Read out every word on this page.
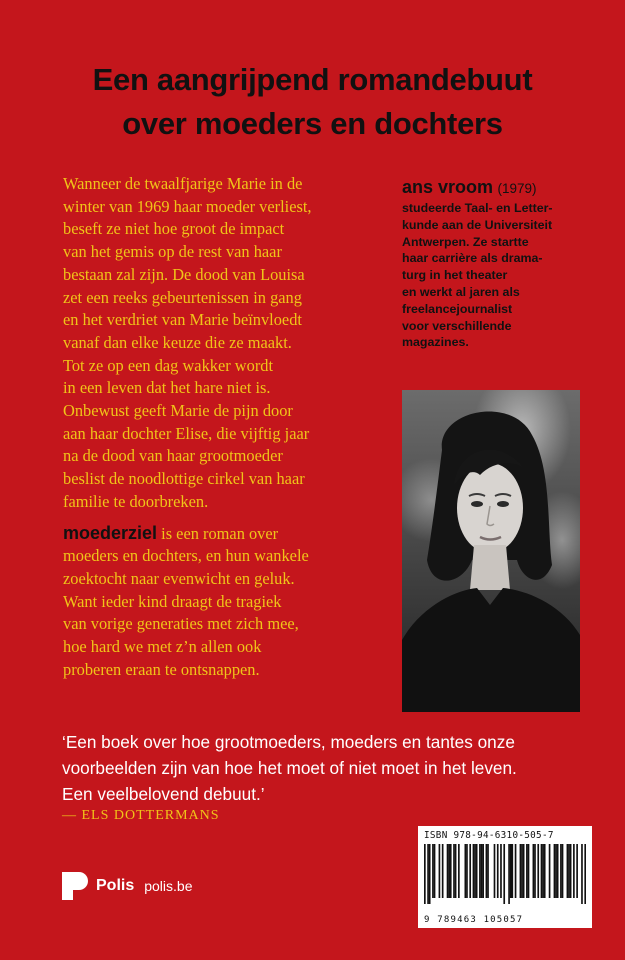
Een aangrijpend romandebuut
over moeders en dochters
Wanneer de twaalfjarige Marie in de
winter van 1969 haar moeder verliest,
beseft ze niet hoe groot de impact
van het gemis op de rest van haar
bestaan zal zijn. De dood van Louisa
zet een reeks gebeurtenissen in gang
en het verdriet van Marie beïnvloedt
vanaf dan elke keuze die ze maakt.
Tot ze op een dag wakker wordt
in een leven dat het hare niet is.
Onbewust geeft Marie de pijn door
aan haar dochter Elise, die vijftig jaar
na de dood van haar grootmoeder
beslist de noodlottige cirkel van haar
familie te doorbreken.
moederziel is een roman over
moeders en dochters, en hun wankele
zoektocht naar evenwicht en geluk.
Want ieder kind draagt de tragiek
van vorige generaties met zich mee,
hoe hard we met z’n allen ook
proberen eraan te ontsnappen.
ans vroom (1979)
studeerde Taal- en Letter-
kunde aan de Universiteit
Antwerpen. Ze startte
haar carrière als drama-
turg in het theater
en werkt al jaren als
freelancejournalist
voor verschillende
magazines.
‘Een boek over hoe grootmoeders, moeders en tantes onze
voorbeelden zijn van hoe het moet of niet moet in het leven.
Een veelbelovend debuut.’
— ELS DOTTERMANS
Polis polis.be
ISBN 978-94-6310-505-7
9 789463 105057
